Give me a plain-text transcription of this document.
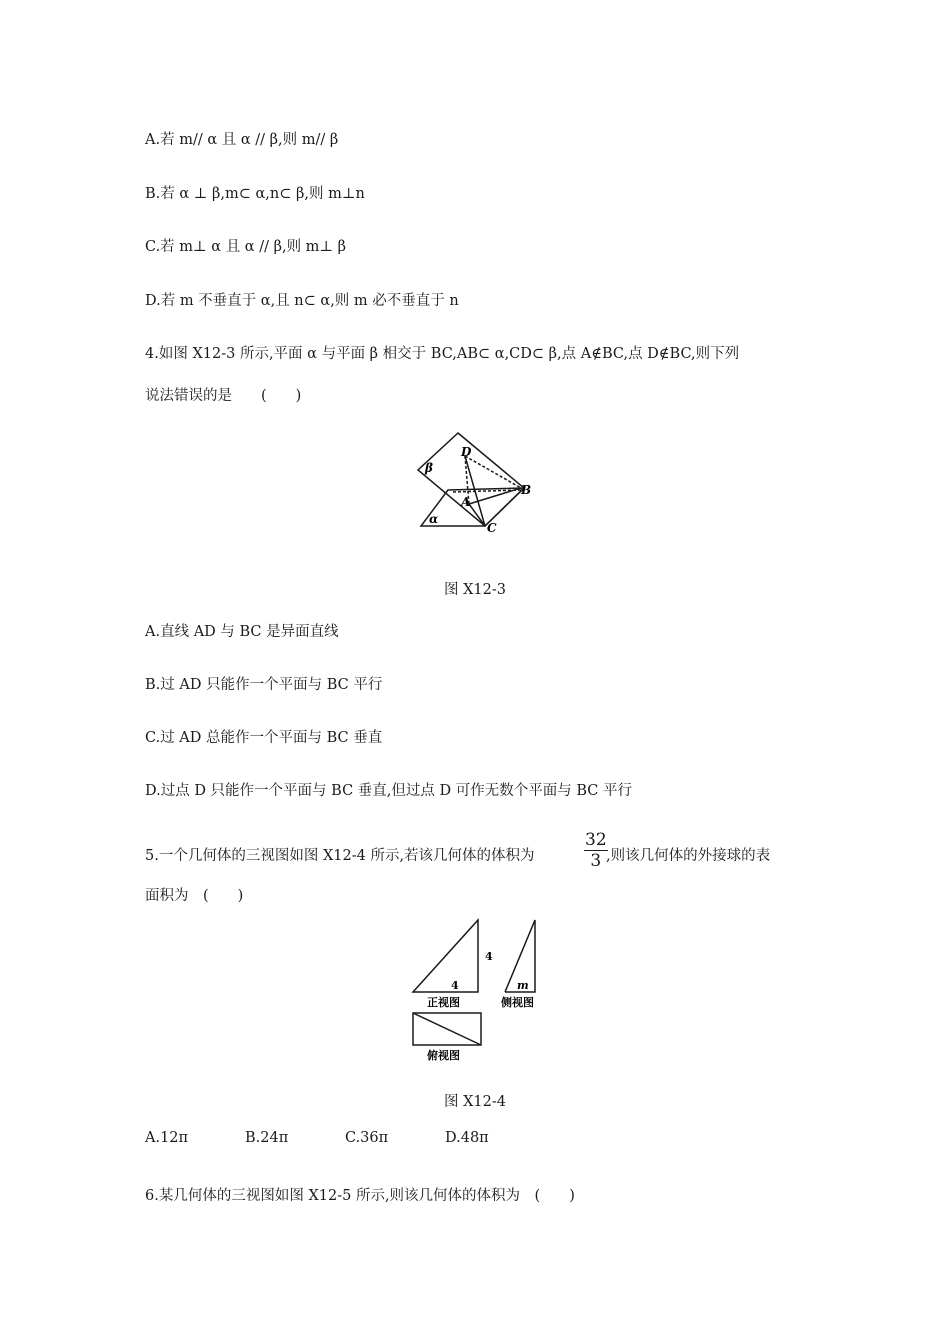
A.若 m// α 且 α // β,则 m// β
B.若 α ⊥ β,m⊂ α,n⊂ β,则 m⊥n
C.若 m⊥ α 且 α // β,则 m⊥ β
D.若 m 不垂直于 α,且 n⊂ α,则 m 必不垂直于 n
4.如图 X12-3 所示,平面 α 与平面 β 相交于 BC,AB⊂ α,CD⊂ β,点 A∉BC,点 D∉BC,则下列
说法错误的是　　(　　)
β
α
D
A
B
C
图 X12-3
A.直线 AD 与 BC 是异面直线
B.过 AD 只能作一个平面与 BC 平行
C.过 AD 总能作一个平面与 BC 垂直
D.过点 D 只能作一个平面与 BC 垂直,但过点 D 可作无数个平面与 BC 平行
5.一个几何体的三视图如图 X12-4 所示,若该几何体的体积为	$\frac{32}{3}$
,则该几何体的外接球的表
面积为　(　　)
4
4
正视图
m
侧视图
俯视图
图 X12-4
A.12π	B.24π	C.36π	D.48π
6.某几何体的三视图如图 X12-5 所示,则该几何体的体积为　(　　)
